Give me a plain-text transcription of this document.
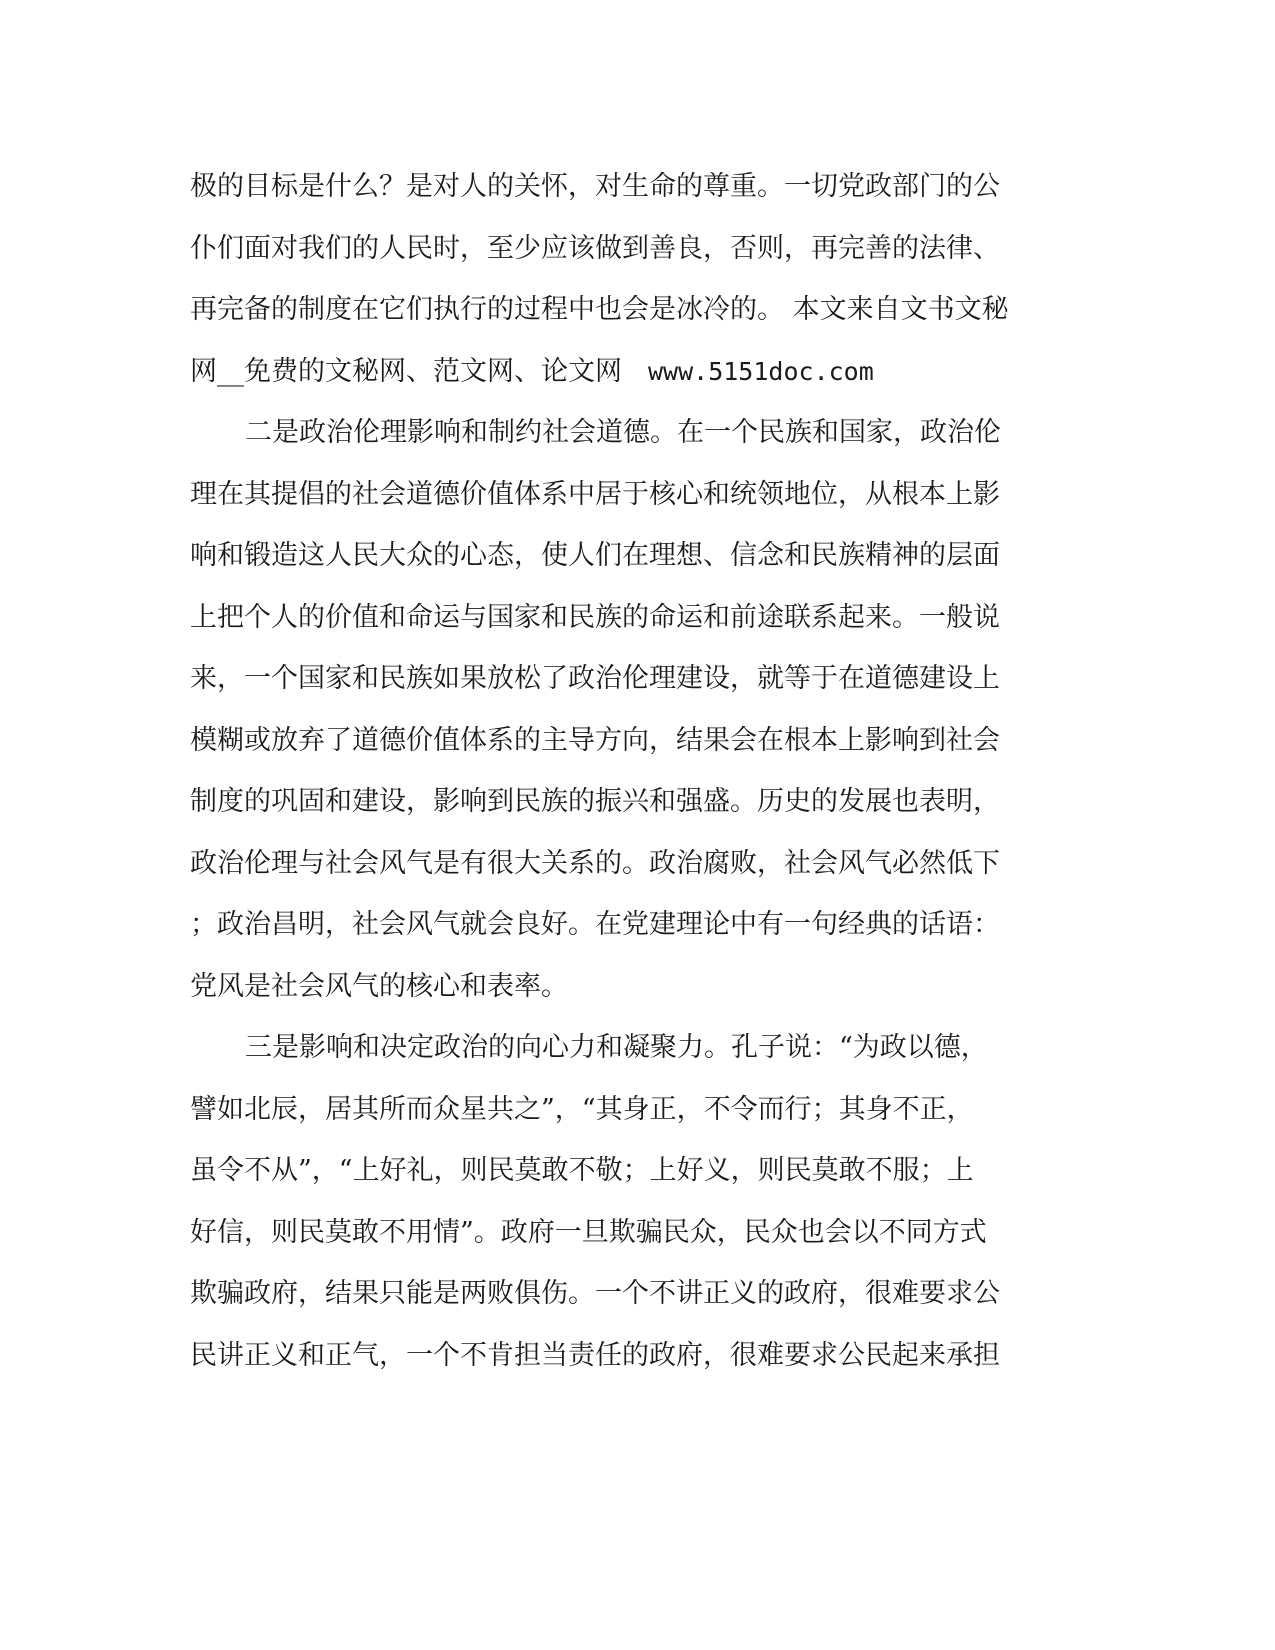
极的目标是什么？是对人的关怀，对生命的尊重。一切党政部门的公
仆们面对我们的人民时，至少应该做到善良，否则，再完善的法律、
再完备的制度在它们执行的过程中也会是冰冷的。 本文来自文书文秘
网__免费的文秘网、范文网、论文网 www.5151doc.com
二是政治伦理影响和制约社会道德。在一个民族和国家，政治伦
理在其提倡的社会道德价值体系中居于核心和统领地位，从根本上影
响和锻造这人民大众的心态，使人们在理想、信念和民族精神的层面
上把个人的价值和命运与国家和民族的命运和前途联系起来。一般说
来，一个国家和民族如果放松了政治伦理建设，就等于在道德建设上
模糊或放弃了道德价值体系的主导方向，结果会在根本上影响到社会
制度的巩固和建设，影响到民族的振兴和强盛。历史的发展也表明，
政治伦理与社会风气是有很大关系的。政治腐败，社会风气必然低下
；政治昌明，社会风气就会良好。在党建理论中有一句经典的话语：
党风是社会风气的核心和表率。
三是影响和决定政治的向心力和凝聚力。孔子说：“为政以德，
譬如北辰，居其所而众星共之”，“其身正，不令而行；其身不正，
虽令不从”，“上好礼，则民莫敢不敬；上好义，则民莫敢不服；上
好信，则民莫敢不用情”。政府一旦欺骗民众，民众也会以不同方式
欺骗政府，结果只能是两败俱伤。一个不讲正义的政府，很难要求公
民讲正义和正气，一个不肯担当责任的政府，很难要求公民起来承担
